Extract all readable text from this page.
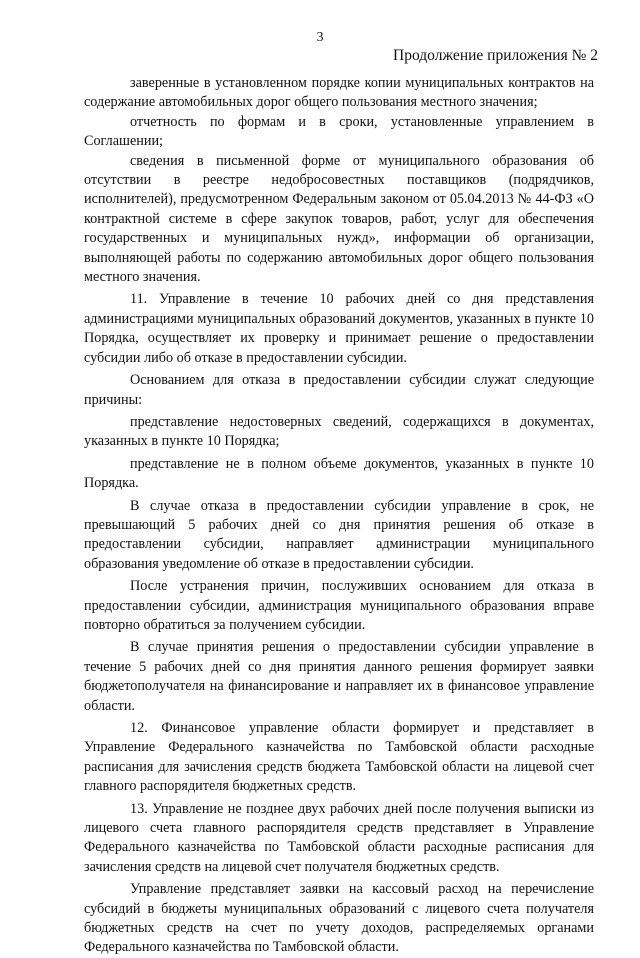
3
Продолжение приложения № 2

заверенные в установленном порядке копии муниципальных контрактов на содержание автомобильных дорог общего пользования местного значения;

отчетность по формам и в сроки, установленные управлением в Соглашении;

сведения в письменной форме от муниципального образования об отсутствии в реестре недобросовестных поставщиков (подрядчиков, исполнителей), предусмотренном Федеральным законом от 05.04.2013 № 44-ФЗ «О контрактной системе в сфере закупок товаров, работ, услуг для обеспечения государственных и муниципальных нужд», информации об организации, выполняющей работы по содержанию автомобильных дорог общего пользования местного значения.

11. Управление в течение 10 рабочих дней со дня представления администрациями муниципальных образований документов, указанных в пункте 10 Порядка, осуществляет их проверку и принимает решение о предоставлении субсидии либо об отказе в предоставлении субсидии.

Основанием для отказа в предоставлении субсидии служат следующие причины:

представление недостоверных сведений, содержащихся в документах, указанных в пункте 10 Порядка;

представление не в полном объеме документов, указанных в пункте 10 Порядка.

В случае отказа в предоставлении субсидии управление в срок, не превышающий 5 рабочих дней со дня принятия решения об отказе в предоставлении субсидии, направляет администрации муниципального образования уведомление об отказе в предоставлении субсидии.

После устранения причин, послуживших основанием для отказа в предоставлении субсидии, администрация муниципального образования вправе повторно обратиться за получением субсидии.

В случае принятия решения о предоставлении субсидии управление в течение 5 рабочих дней со дня принятия данного решения формирует заявки бюджетополучателя на финансирование и направляет их в финансовое управление области.

12. Финансовое управление области формирует и представляет в Управление Федерального казначейства по Тамбовской области расходные расписания для зачисления средств бюджета Тамбовской области на лицевой счет главного распорядителя бюджетных средств.

13. Управление не позднее двух рабочих дней после получения выписки из лицевого счета главного распорядителя средств представляет в Управление Федерального казначейства по Тамбовской области расходные расписания для зачисления средств на лицевой счет получателя бюджетных средств.

Управление представляет заявки на кассовый расход на перечисление субсидий в бюджеты муниципальных образований с лицевого счета получателя бюджетных средств на счет по учету доходов, распределяемых органами Федерального казначейства по Тамбовской области.
